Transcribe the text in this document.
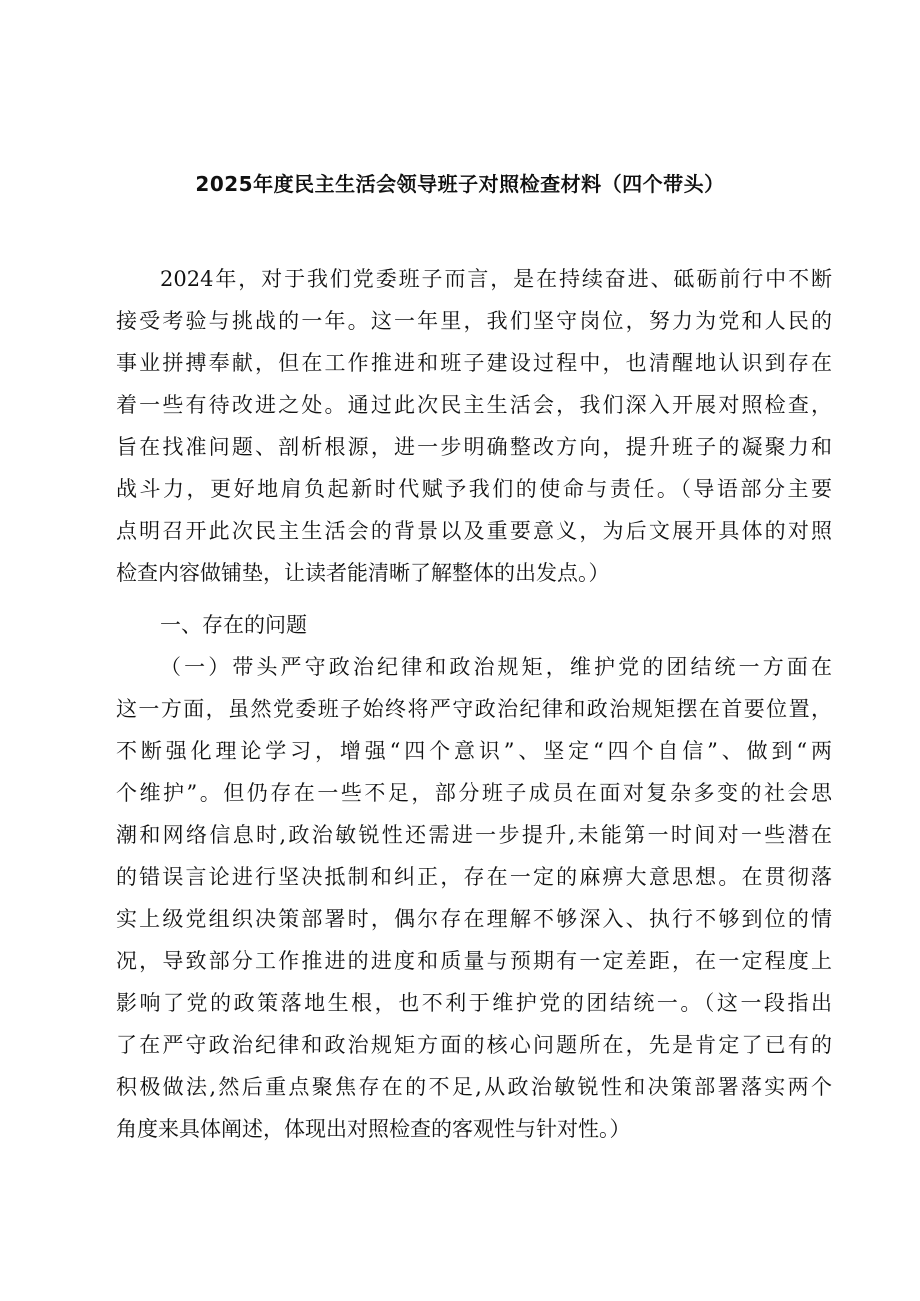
2025年度民主生活会领导班子对照检查材料（四个带头）
2024年，对于我们党委班子而言，是在持续奋进、砥砺前行中不断
接受考验与挑战的一年。这一年里，我们坚守岗位，努力为党和人民的
事业拼搏奉献，但在工作推进和班子建设过程中，也清醒地认识到存在
着一些有待改进之处。通过此次民主生活会，我们深入开展对照检查，
旨在找准问题、剖析根源，进一步明确整改方向，提升班子的凝聚力和
战斗力，更好地肩负起新时代赋予我们的使命与责任。（导语部分主要
点明召开此次民主生活会的背景以及重要意义，为后文展开具体的对照
检查内容做铺垫，让读者能清晰了解整体的出发点。）
一、存在的问题
（一）带头严守政治纪律和政治规矩，维护党的团结统一方面在
这一方面，虽然党委班子始终将严守政治纪律和政治规矩摆在首要位置，
不断强化理论学习，增强“四个意识”、坚定“四个自信”、做到“两
个维护”。但仍存在一些不足，部分班子成员在面对复杂多变的社会思
潮和网络信息时,政治敏锐性还需进一步提升,未能第一时间对一些潜在
的错误言论进行坚决抵制和纠正，存在一定的麻痹大意思想。在贯彻落
实上级党组织决策部署时，偶尔存在理解不够深入、执行不够到位的情
况，导致部分工作推进的进度和质量与预期有一定差距，在一定程度上
影响了党的政策落地生根，也不利于维护党的团结统一。（这一段指出
了在严守政治纪律和政治规矩方面的核心问题所在，先是肯定了已有的
积极做法,然后重点聚焦存在的不足,从政治敏锐性和决策部署落实两个
角度来具体阐述，体现出对照检查的客观性与针对性。）
